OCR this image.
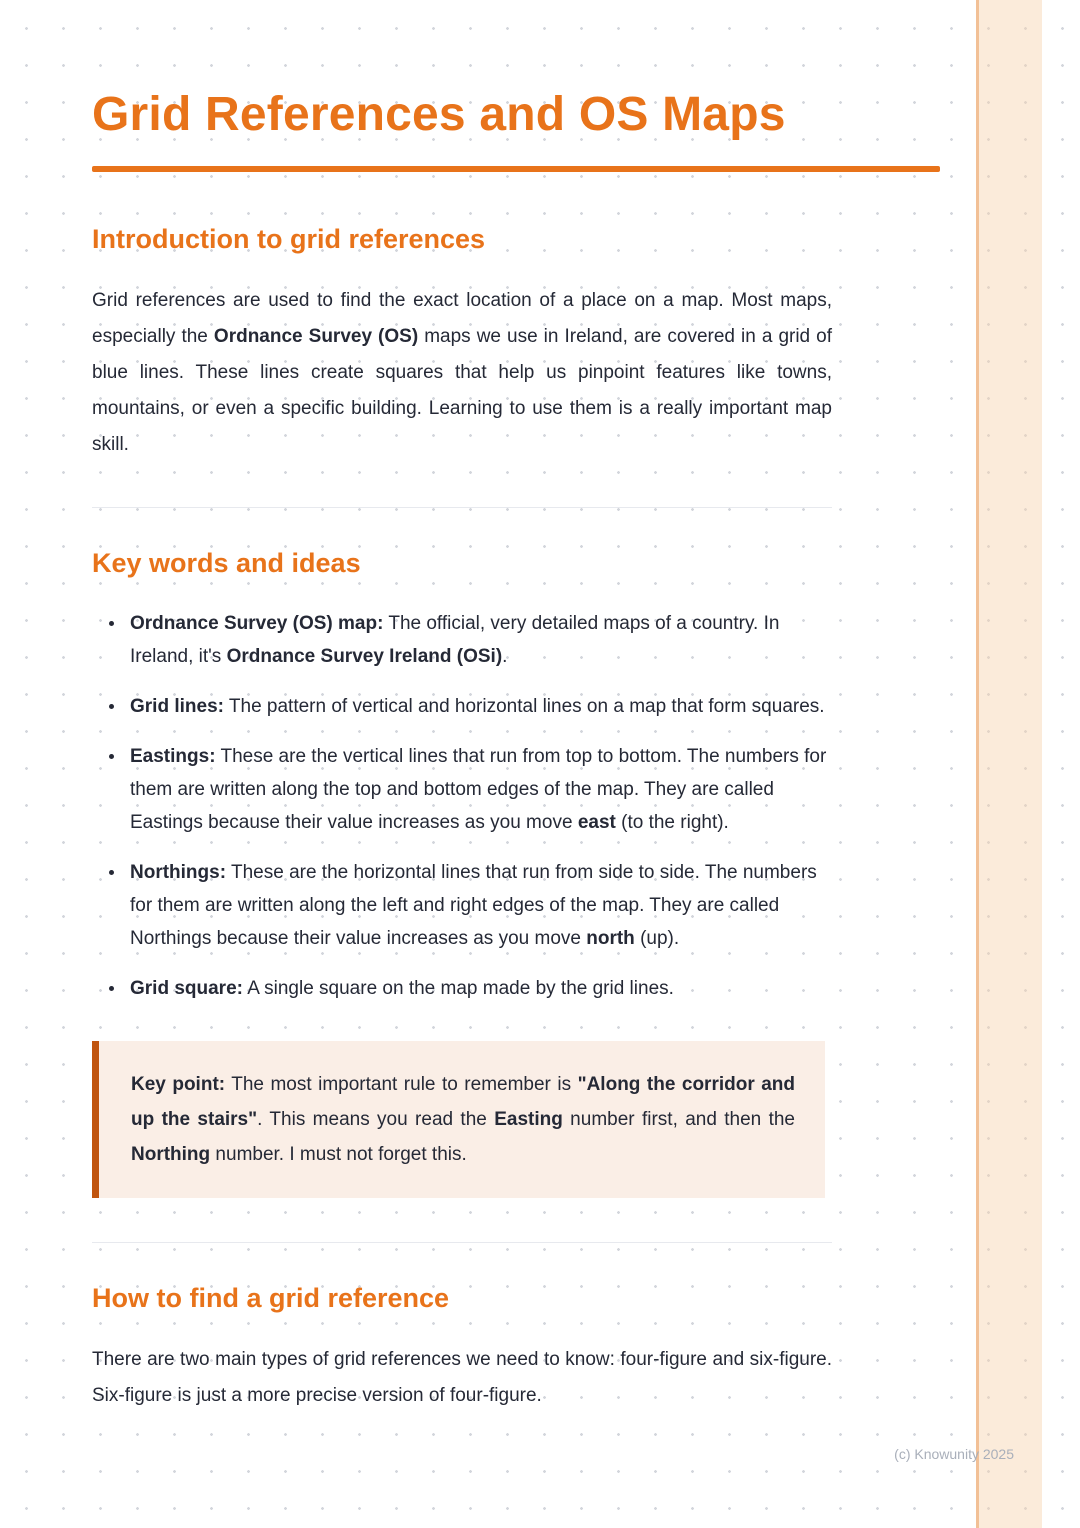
Grid References and OS Maps
Introduction to grid references

Grid references are used to find the exact location of a place on a map. Most maps, especially the Ordnance Survey (OS) maps we use in Ireland, are covered in a grid of blue lines. These lines create squares that help us pinpoint features like towns, mountains, or even a specific building. Learning to use them is a really important map skill.

Key words and ideas
• Ordnance Survey (OS) map: The official, very detailed maps of a country. In Ireland, it's Ordnance Survey Ireland (OSi).
• Grid lines: The pattern of vertical and horizontal lines on a map that form squares.
• Eastings: These are the vertical lines that run from top to bottom. The numbers for them are written along the top and bottom edges of the map. They are called Eastings because their value increases as you move east (to the right).
• Northings: These are the horizontal lines that run from side to side. The numbers for them are written along the left and right edges of the map. They are called Northings because their value increases as you move north (up).
• Grid square: A single square on the map made by the grid lines.

Key point: The most important rule to remember is "Along the corridor and up the stairs". This means you read the Easting number first, and then the Northing number. I must not forget this.

How to find a grid reference

There are two main types of grid references we need to know: four-figure and six-figure. Six-figure is just a more precise version of four-figure.

(c) Knowunity 2025
